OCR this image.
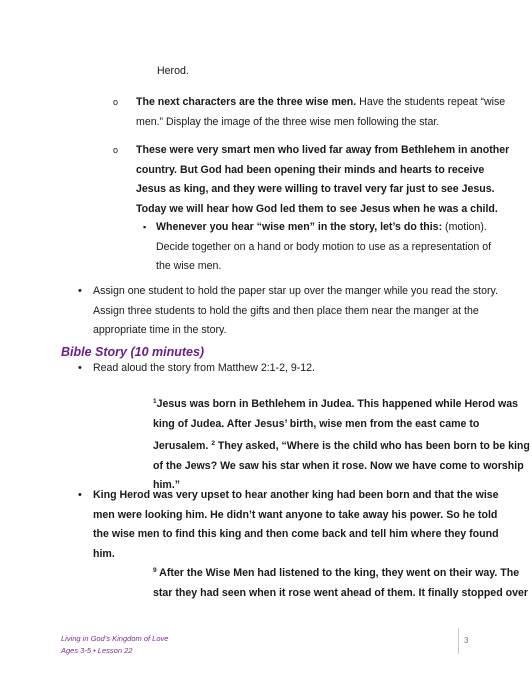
Herod.
o The next characters are the three wise men. Have the students repeat “wise
men.” Display the image of the three wise men following the star.
o These were very smart men who lived far away from Bethlehem in another
country. But God had been opening their minds and hearts to receive
Jesus as king, and they were willing to travel very far just to see Jesus.
Today we will hear how God led them to see Jesus when he was a child.
▪ Whenever you hear “wise men” in the story, let’s do this: (motion).
Decide together on a hand or body motion to use as a representation of
the wise men.
• Assign one student to hold the paper star up over the manger while you read the story.
Assign three students to hold the gifts and then place them near the manger at the
appropriate time in the story.
Bible Story (10 minutes)
• Read aloud the story from Matthew 2:1-2, 9-12.
$^1$Jesus was born in Bethlehem in Judea. This happened while Herod was
king of Judea. After Jesus’ birth, wise men from the east came to
Jerusalem. $^2$ They asked, “Where is the child who has been born to be king
of the Jews? We saw his star when it rose. Now we have come to worship
him.”
• King Herod was very upset to hear another king had been born and that the wise
men were looking him. He didn’t want anyone to take away his power. So he told
the wise men to find this king and then come back and tell him where they found
him.
$^9$ After the Wise Men had listened to the king, they went on their way. The
star they had seen when it rose went ahead of them. It finally stopped over
Living in God’s Kingdom of Love
Ages 3-5 • Lesson 22
3
